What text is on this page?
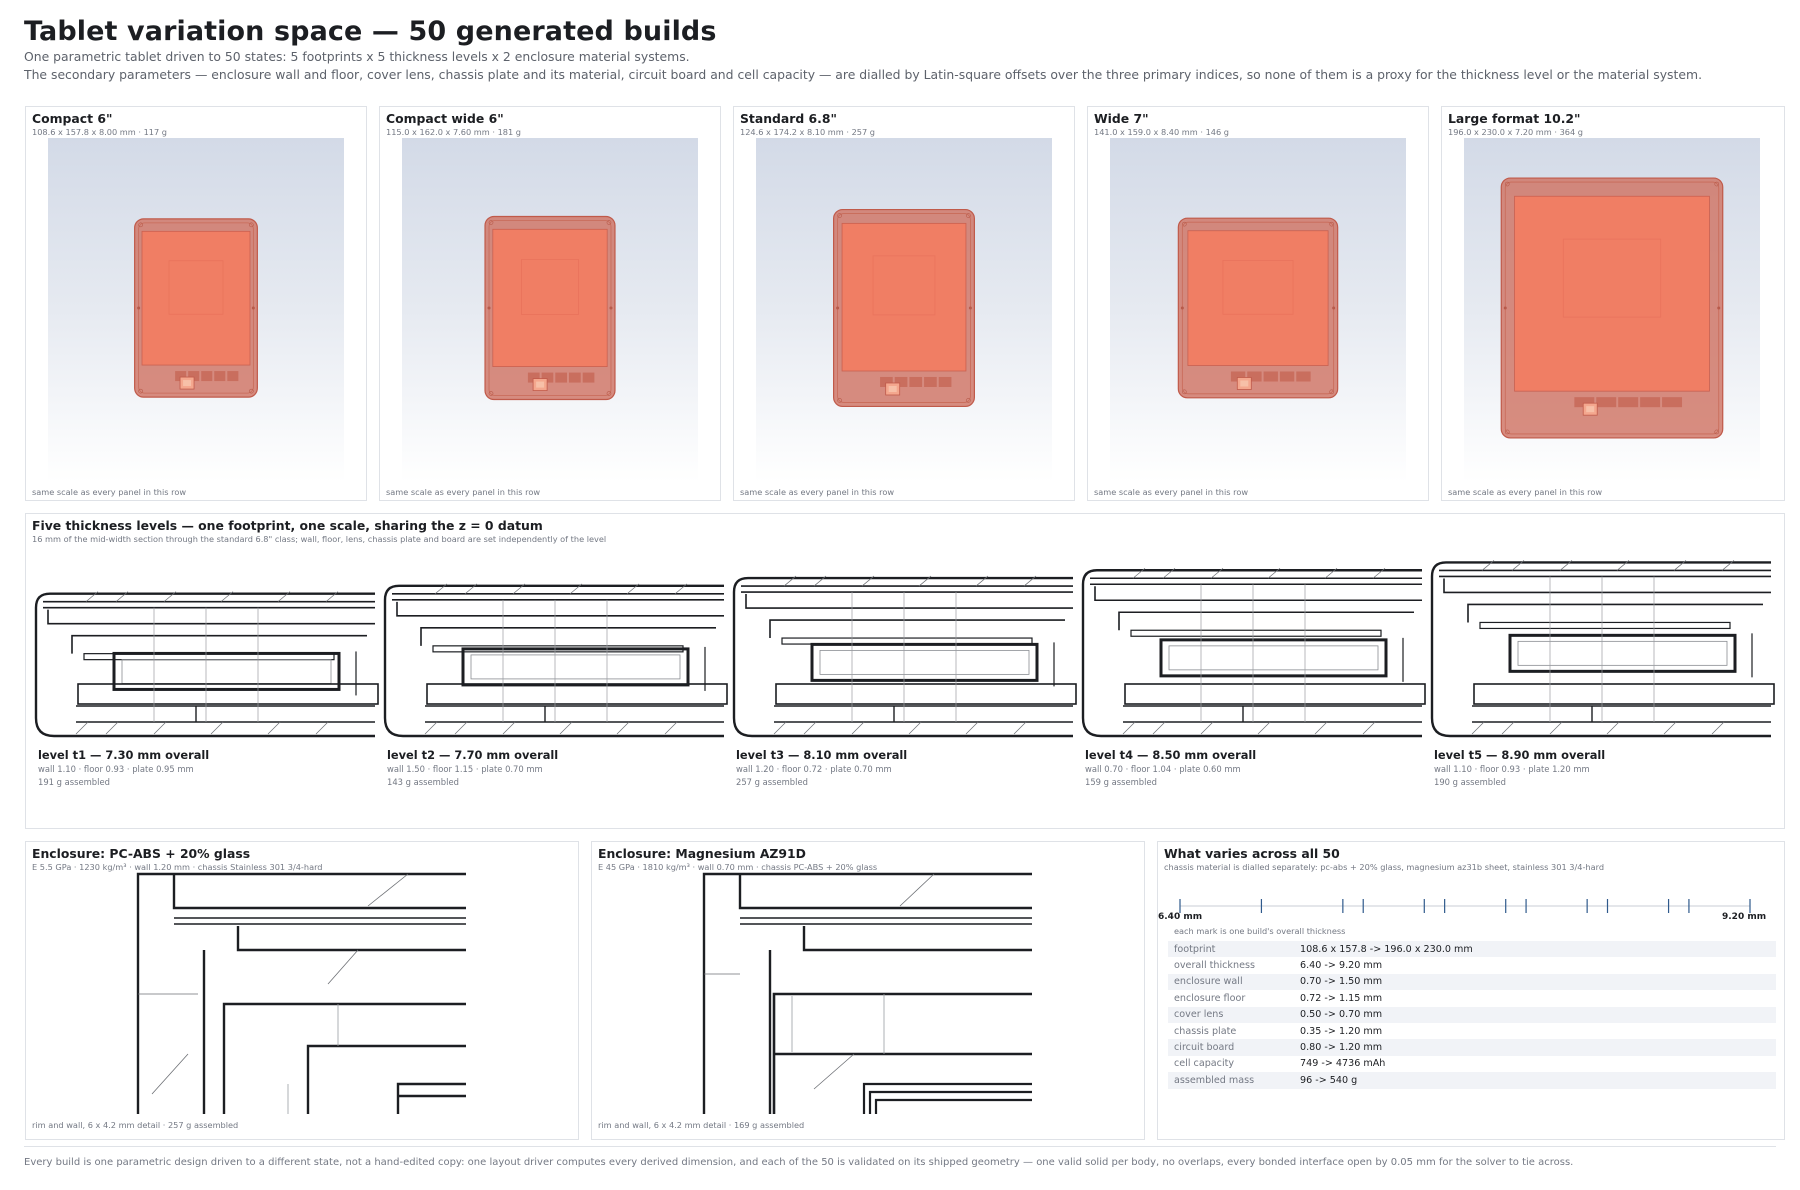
Tablet variation space — 50 generated builds
One parametric tablet driven to 50 states: 5 footprints x 5 thickness levels x 2 enclosure material systems.
The secondary parameters — enclosure wall and floor, cover lens, chassis plate and its material, circuit board and cell capacity — are dialled by Latin-square offsets over the three primary indices, so none of them is a proxy for the thickness level or the material system.
Compact 6"
108.6 x 157.8 x 8.00 mm · 117 g
same scale as every panel in this row
Compact wide 6"
115.0 x 162.0 x 7.60 mm · 181 g
same scale as every panel in this row
Standard 6.8"
124.6 x 174.2 x 8.10 mm · 257 g
same scale as every panel in this row
Wide 7"
141.0 x 159.0 x 8.40 mm · 146 g
same scale as every panel in this row
Large format 10.2"
196.0 x 230.0 x 7.20 mm · 364 g
same scale as every panel in this row
Five thickness levels — one footprint, one scale, sharing the z = 0 datum
16 mm of the mid-width section through the standard 6.8" class; wall, floor, lens, chassis plate and board are set independently of the level
level t1 — 7.30 mm overall
wall 1.10 · floor 0.93 · plate 0.95 mm
191 g assembled
level t2 — 7.70 mm overall
wall 1.50 · floor 1.15 · plate 0.70 mm
143 g assembled
level t3 — 8.10 mm overall
wall 1.20 · floor 0.72 · plate 0.70 mm
257 g assembled
level t4 — 8.50 mm overall
wall 0.70 · floor 1.04 · plate 0.60 mm
159 g assembled
level t5 — 8.90 mm overall
wall 1.10 · floor 0.93 · plate 1.20 mm
190 g assembled
Enclosure: PC-ABS + 20% glass
E 5.5 GPa · 1230 kg/m³ · wall 1.20 mm · chassis Stainless 301 3/4-hard
rim and wall, 6 x 4.2 mm detail · 257 g assembled
Enclosure: Magnesium AZ91D
E 45 GPa · 1810 kg/m³ · wall 0.70 mm · chassis PC-ABS + 20% glass
rim and wall, 6 x 4.2 mm detail · 169 g assembled
What varies across all 50
chassis material is dialled separately: pc-abs + 20% glass, magnesium az31b sheet, stainless 301 3/4-hard
6.40 mm	9.20 mm
each mark is one build's overall thickness
footprint	108.6 x 157.8 -> 196.0 x 230.0 mm
overall thickness	6.40 -> 9.20 mm
enclosure wall	0.70 -> 1.50 mm
enclosure floor	0.72 -> 1.15 mm
cover lens	0.50 -> 0.70 mm
chassis plate	0.35 -> 1.20 mm
circuit board	0.80 -> 1.20 mm
cell capacity	749 -> 4736 mAh
assembled mass	96 -> 540 g
Every build is one parametric design driven to a different state, not a hand-edited copy: one layout driver computes every derived dimension, and each of the 50 is validated on its shipped geometry — one valid solid per body, no overlaps, every bonded interface open by 0.05 mm for the solver to tie across.
